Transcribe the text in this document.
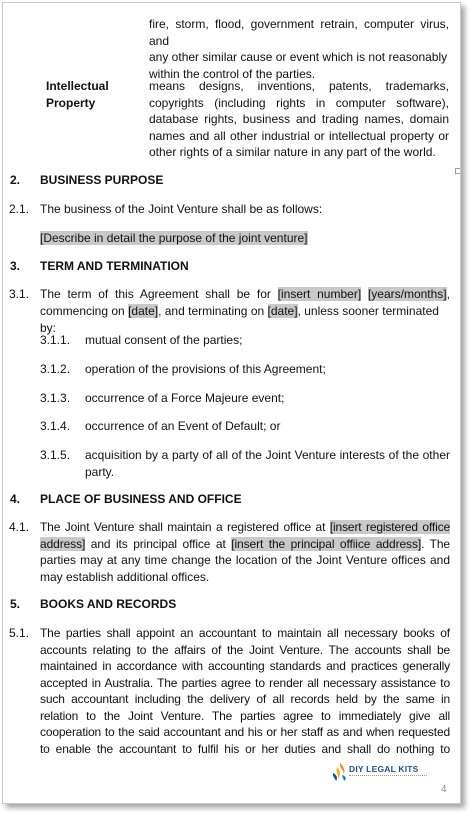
fire, storm, flood, government retrain, computer virus, and
any other similar cause or event which is not reasonably
within the control of the parties.
Intellectual Property
means designs, inventions, patents, trademarks,
copyrights (including rights in computer software),
database rights, business and trading names, domain
names and all other industrial or intellectual property or
other rights of a similar nature in any part of the world.
2. BUSINESS PURPOSE
2.1. The business of the Joint Venture shall be as follows:
[Describe in detail the purpose of the joint venture]
3. TERM AND TERMINATION
3.1. The term of this Agreement shall be for [insert number] [years/months],
commencing on [date], and terminating on [date], unless sooner terminated by:
3.1.1. mutual consent of the parties;
3.1.2. operation of the provisions of this Agreement;
3.1.3. occurrence of a Force Majeure event;
3.1.4. occurrence of an Event of Default; or
3.1.5. acquisition by a party of all of the Joint Venture interests of the other
party.
4. PLACE OF BUSINESS AND OFFICE
4.1. The Joint Venture shall maintain a registered office at [insert registered office
address] and its principal office at [insert the principal offiice address]. The
parties may at any time change the location of the Joint Venture offices and
may establish additional offices.
5. BOOKS AND RECORDS
5.1. The parties shall appoint an accountant to maintain all necessary books of
accounts relating to the affairs of the Joint Venture. The accounts shall be
maintained in accordance with accounting standards and practices generally
accepted in Australia. The parties agree to render all necessary assistance to
such accountant including the delivery of all records held by the same in
relation to the Joint Venture. The parties agree to immediately give all
cooperation to the said accountant and his or her staff as and when requested
to enable the accountant to fulfil his or her duties and shall do nothing to
DIY LEGAL KITS
4
